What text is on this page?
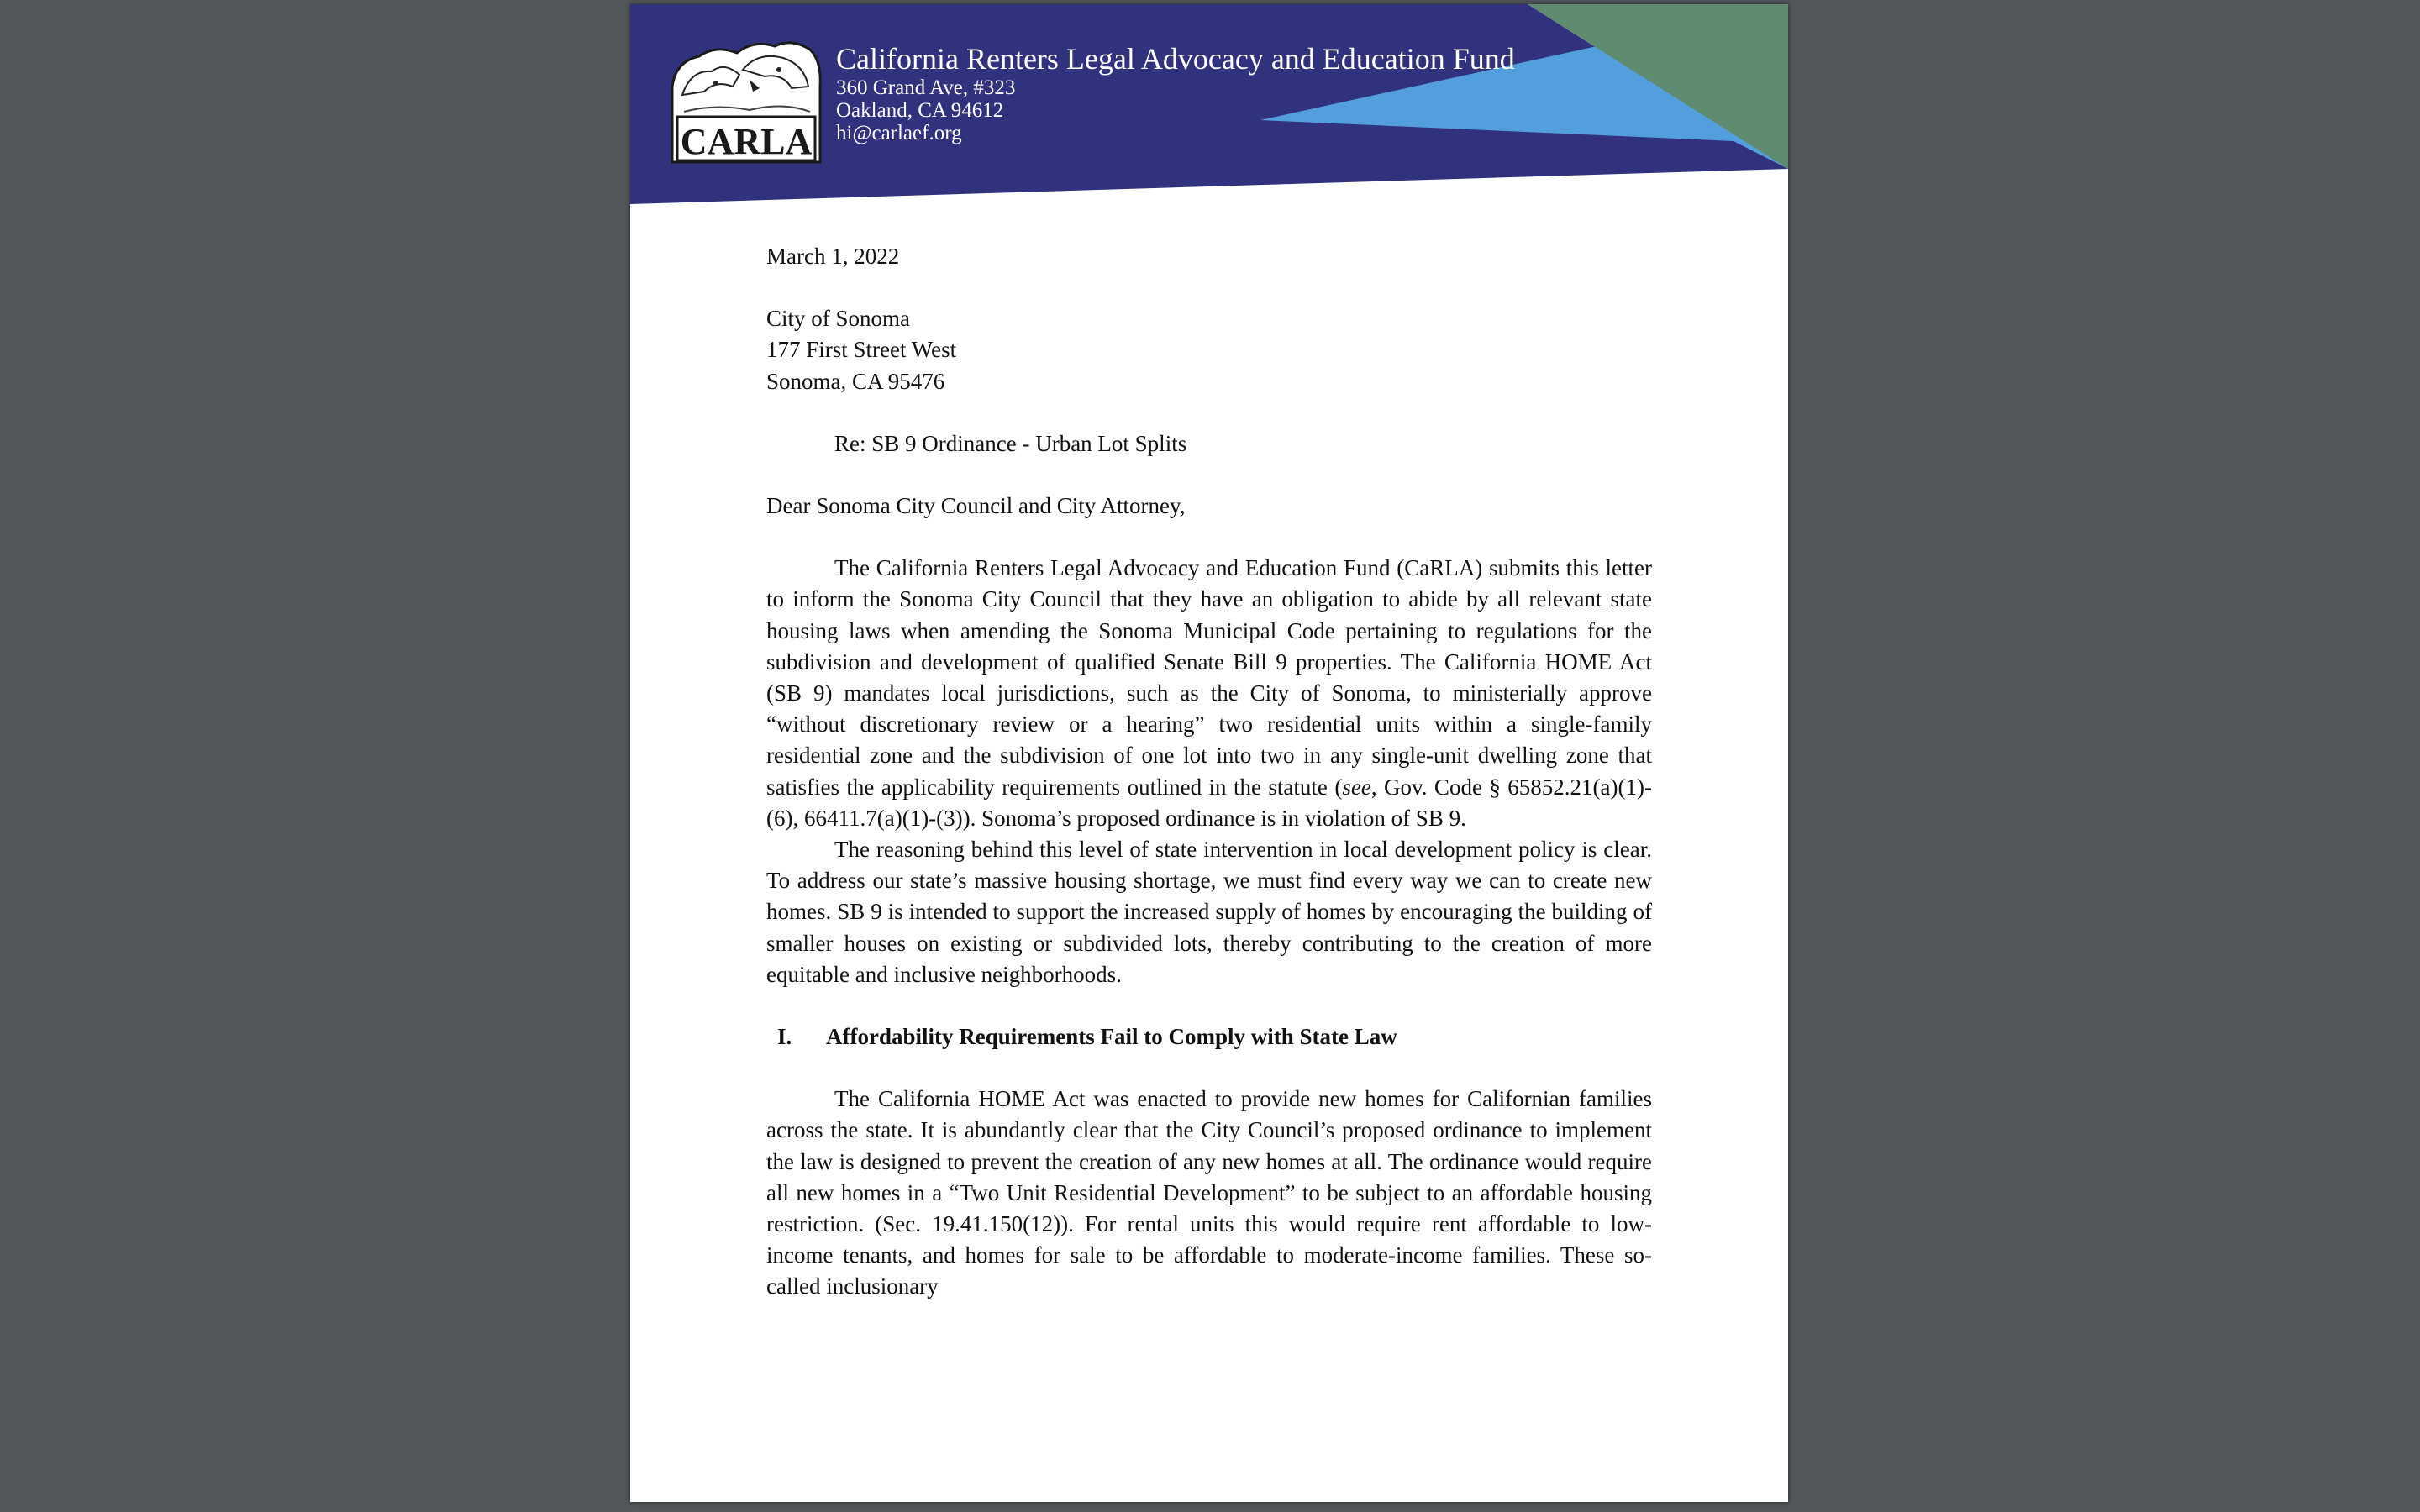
CARLA
California Renters Legal Advocacy and Education Fund
360 Grand Ave, #323
Oakland, CA 94612
hi@carlaef.org
March 1, 2022
City of Sonoma
177 First Street West
Sonoma, CA 95476
Re: SB 9 Ordinance - Urban Lot Splits
Dear Sonoma City Council and City Attorney,

The California Renters Legal Advocacy and Education Fund (CaRLA) submits this letter to inform the Sonoma City Council that they have an obligation to abide by all relevant state housing laws when amending the Sonoma Municipal Code pertaining to regulations for the subdivision and development of qualified Senate Bill 9 properties. The California HOME Act (SB 9) mandates local jurisdictions, such as the City of Sonoma, to ministerially approve “without discretionary review or a hearing” two residential units within a single-family residential zone and the subdivision of one lot into two in any single-unit dwelling zone that satisfies the applicability requirements outlined in the statute (see, Gov. Code § 65852.21(a)(1)-(6), 66411.7(a)(1)-(3)). Sonoma’s proposed ordinance is in violation of SB 9.

The reasoning behind this level of state intervention in local development policy is clear. To address our state’s massive housing shortage, we must find every way we can to create new homes. SB 9 is intended to support the increased supply of homes by encouraging the building of smaller houses on existing or subdivided lots, thereby contributing to the creation of more equitable and inclusive neighborhoods.

I.	Affordability Requirements Fail to Comply with State Law

The California HOME Act was enacted to provide new homes for Californian families across the state. It is abundantly clear that the City Council’s proposed ordinance to implement the law is designed to prevent the creation of any new homes at all. The ordinance would require all new homes in a “Two Unit Residential Development” to be subject to an affordable housing restriction. (Sec. 19.41.150(12)). For rental units this would require rent affordable to low-income tenants, and homes for sale to be affordable to moderate-income families. These so-called inclusionary
